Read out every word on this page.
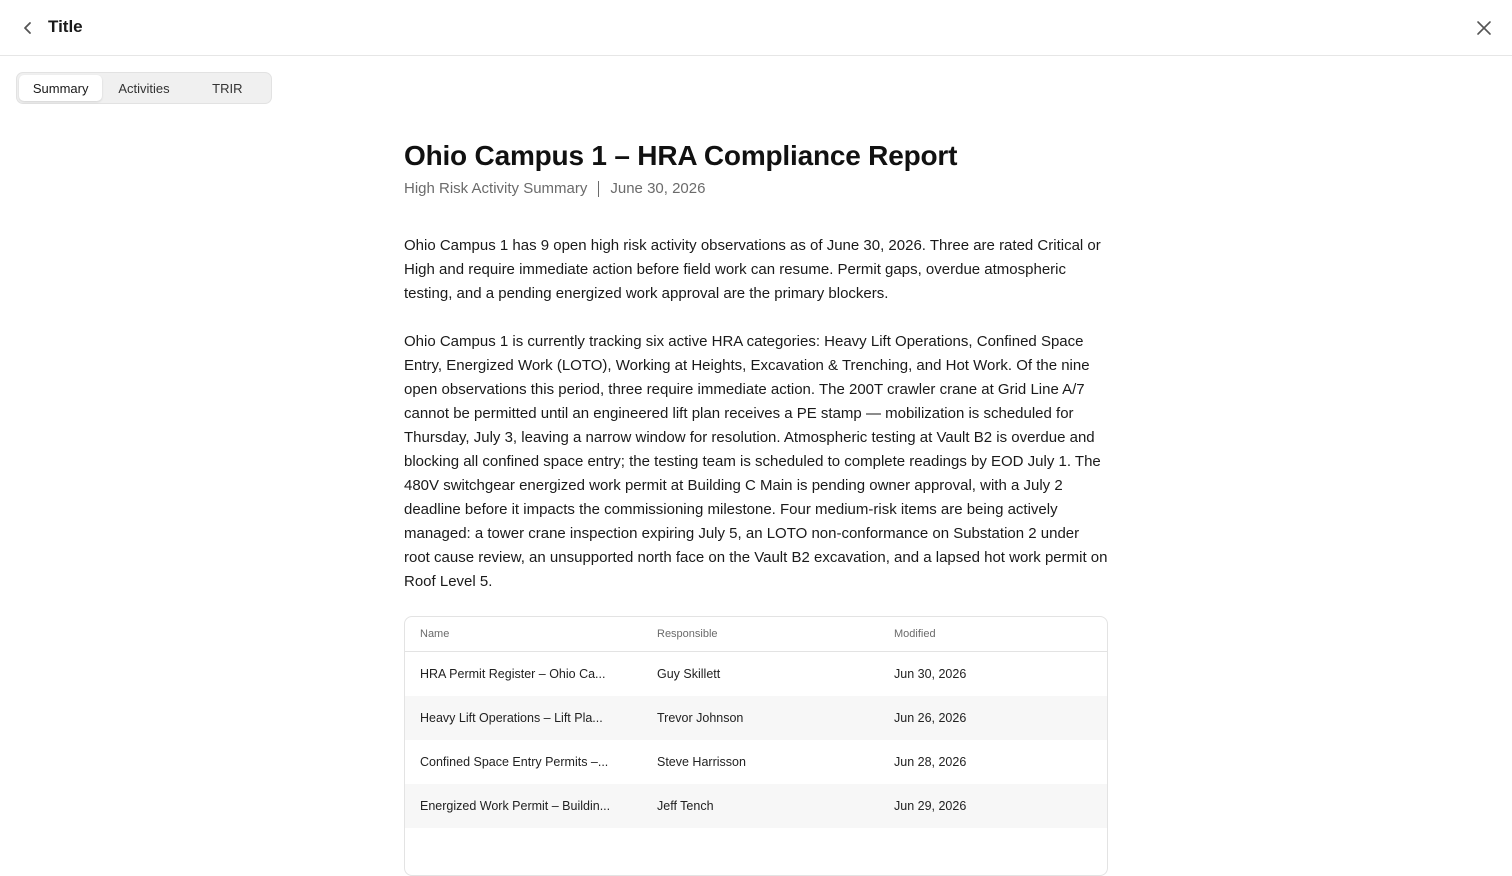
Title
Summary	Activities	TRIR
Ohio Campus 1 – HRA Compliance Report
High Risk Activity Summary June 30, 2026

Ohio Campus 1 has 9 open high risk activity observations as of June 30, 2026. Three are rated Critical or High and require immediate action before field work can resume. Permit gaps, overdue atmospheric testing, and a pending energized work approval are the primary blockers.

Ohio Campus 1 is currently tracking six active HRA categories: Heavy Lift Operations, Confined Space Entry, Energized Work (LOTO), Working at Heights, Excavation & Trenching, and Hot Work. Of the nine open observations this period, three require immediate action. The 200T crawler crane at Grid Line A/7 cannot be permitted until an engineered lift plan receives a PE stamp — mobilization is scheduled for Thursday, July 3, leaving a narrow window for resolution. Atmospheric testing at Vault B2 is overdue and blocking all confined space entry; the testing team is scheduled to complete readings by EOD July 1. The 480V switchgear energized work permit at Building C Main is pending owner approval, with a July 2 deadline before it impacts the commissioning milestone. Four medium-risk items are being actively managed: a tower crane inspection expiring July 5, an LOTO non-conformance on Substation 2 under root cause review, an unsupported north face on the Vault B2 excavation, and a lapsed hot work permit on Roof Level 5.

Name	Responsible	Modified
HRA Permit Register – Ohio Ca...	Guy Skillett	Jun 30, 2026
Heavy Lift Operations – Lift Pla...	Trevor Johnson	Jun 26, 2026
Confined Space Entry Permits –...	Steve Harrisson	Jun 28, 2026
Energized Work Permit – Buildin...	Jeff Tench	Jun 29, 2026
